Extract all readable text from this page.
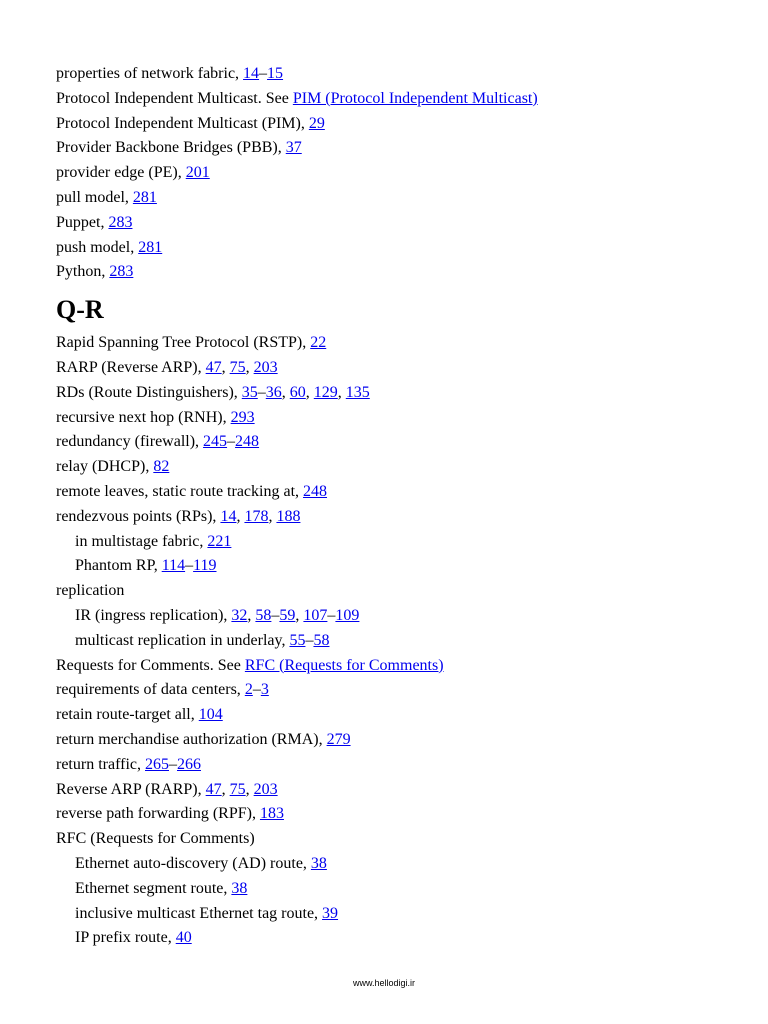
properties of network fabric, 14–15
Protocol Independent Multicast. See PIM (Protocol Independent Multicast)
Protocol Independent Multicast (PIM), 29
Provider Backbone Bridges (PBB), 37
provider edge (PE), 201
pull model, 281
Puppet, 283
push model, 281
Python, 283
Q-R
Rapid Spanning Tree Protocol (RSTP), 22
RARP (Reverse ARP), 47, 75, 203
RDs (Route Distinguishers), 35–36, 60, 129, 135
recursive next hop (RNH), 293
redundancy (firewall), 245–248
relay (DHCP), 82
remote leaves, static route tracking at, 248
rendezvous points (RPs), 14, 178, 188
in multistage fabric, 221
Phantom RP, 114–119
replication
IR (ingress replication), 32, 58–59, 107–109
multicast replication in underlay, 55–58
Requests for Comments. See RFC (Requests for Comments)
requirements of data centers, 2–3
retain route-target all, 104
return merchandise authorization (RMA), 279
return traffic, 265–266
Reverse ARP (RARP), 47, 75, 203
reverse path forwarding (RPF), 183
RFC (Requests for Comments)
Ethernet auto-discovery (AD) route, 38
Ethernet segment route, 38
inclusive multicast Ethernet tag route, 39
IP prefix route, 40
www.hellodigi.ir
